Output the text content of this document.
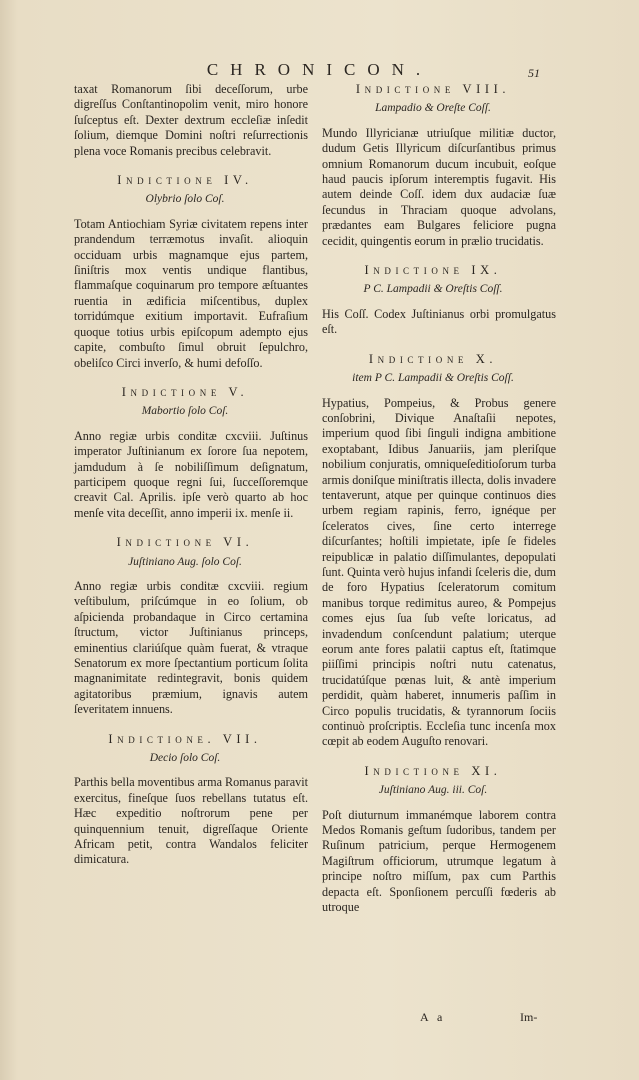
CHRONICON.	51
taxat Romanorum ſibi deceſſorum, urbe digreſſus Conſtantinopolim venit, miro honore ſuſceptus eſt. Dexter dextrum eccleſiæ inſedit ſolium, diemque Domini noſtri reſurrectionis plena voce Romanis precibus celebravit.
Indictione IV.
Olybrio ſolo Coſ.
Totam Antiochiam Syriæ civitatem repens inter prandendum terræmotus invaſit. alioquin occiduam urbis magnamque ejus partem, ſiniſtris mox ventis undique flantibus, flammaſque coquinarum pro tempore æſtuantes ruentia in ædificia miſcentibus, duplex torridúmque exitium importavit. Eufraſium quoque totius urbis epiſcopum adempto ejus capite, combuſto ſimul obruit ſepulchro, obeliſco Circi inverſo, & humi defoſſo.
Indictione V.
Mabortio ſolo Coſ.
Anno regiæ urbis conditæ cxcviii. Juſtinus imperator Juſtinianum ex ſorore ſua nepotem, jamdudum à ſe nobiliſſimum deſignatum, participem quoque regni ſui, ſucceſſoremque creavit Cal. Aprilis. ipſe verò quarto ab hoc menſe vita deceſſit, anno imperii ix. menſe ii.
Indictione VI.
Juſtiniano Aug. ſolo Coſ.
Anno regiæ urbis conditæ cxcviii. regium veſtibulum, priſcúmque in eo ſolium, ob aſpicienda probandaque in Circo certamina ſtructum, victor Juſtinianus princeps, eminentius clariúſque quàm fuerat, & vtraque Senatorum ex more ſpectantium porticum ſolita magnanimitate redintegravit, bonis quidem agitatoribus præmium, ignavis autem ſeveritatem innuens.
Indictione. VII.
Decio ſolo Coſ.
Parthis bella moventibus arma Romanus paravit exercitus, fineſque ſuos rebellans tutatus eſt. Hæc expeditio noſtrorum pene per quinquennium tenuit, digreſſaque Oriente Africam petit, contra Wandalos feliciter dimicatura.
Indictione VIII.
Lampadio & Oreſte Coſſ.
Mundo Illyricianæ utriuſque militiæ ductor, dudum Getis Illyricum diſcurſantibus primus omnium Romanorum ducum incubuit, eoſque haud paucis ipſorum interemptis fugavit. His autem deinde Coſſ. idem dux audaciæ ſuæ ſecundus in Thraciam quoque advolans, prædantes eam Bulgares feliciore pugna cecidit, quingentis eorum in prælio trucidatis.
Indictione IX.
P C. Lampadii & Oreſtis Coſſ.
His Coſſ. Codex Juſtinianus orbi promulgatus eſt.
Indictione X.
item P C. Lampadii & Oreſtis Coſſ.
Hypatius, Pompeius, & Probus genere conſobrini, Divique Anaſtaſii nepotes, imperium quod ſibi ſinguli indigna ambitione exoptabant, Idibus Januariis, jam pleriſque nobilium conjuratis, omniqueſeditioſorum turba armis doniſque miniſtratis illecta, dolis invadere tentaverunt, atque per quinque continuos dies urbem regiam rapinis, ferro, ignéque per ſceleratos cives, ſine certo interrege diſcurſantes; hoſtili impietate, ipſe ſe fideles reipublicæ in palatio diſſimulantes, depopulati ſunt. Quinta verò hujus infandi ſceleris die, dum de foro Hypatius ſceleratorum comitum manibus torque redimitus aureo, & Pompejus comes ejus ſua ſub veſte loricatus, ad invadendum conſcendunt palatium; uterque eorum ante fores palatii captus eſt, ſtatimque piiſſimi principis noſtri nutu catenatus, trucidatúſque pœnas luit, & antè imperium perdidit, quàm haberet, innumeris paſſim in Circo populis trucidatis, & tyrannorum ſociis continuò proſcriptis. Eccleſia tunc incenſa mox cœpit ab eodem Auguſto renovari.
Indictione XI.
Juſtiniano Aug. iii. Coſ.
Poſt diuturnum immanémque laborem contra Medos Romanis geſtum ſudoribus, tandem per Ruſinum patricium, perque Hermogenem Magiſtrum officiorum, utrumque legatum à principe noſtro miſſum, pax cum Parthis depacta eſt. Sponſionem percuſſi fœderis ab utroque
A a	Im-
